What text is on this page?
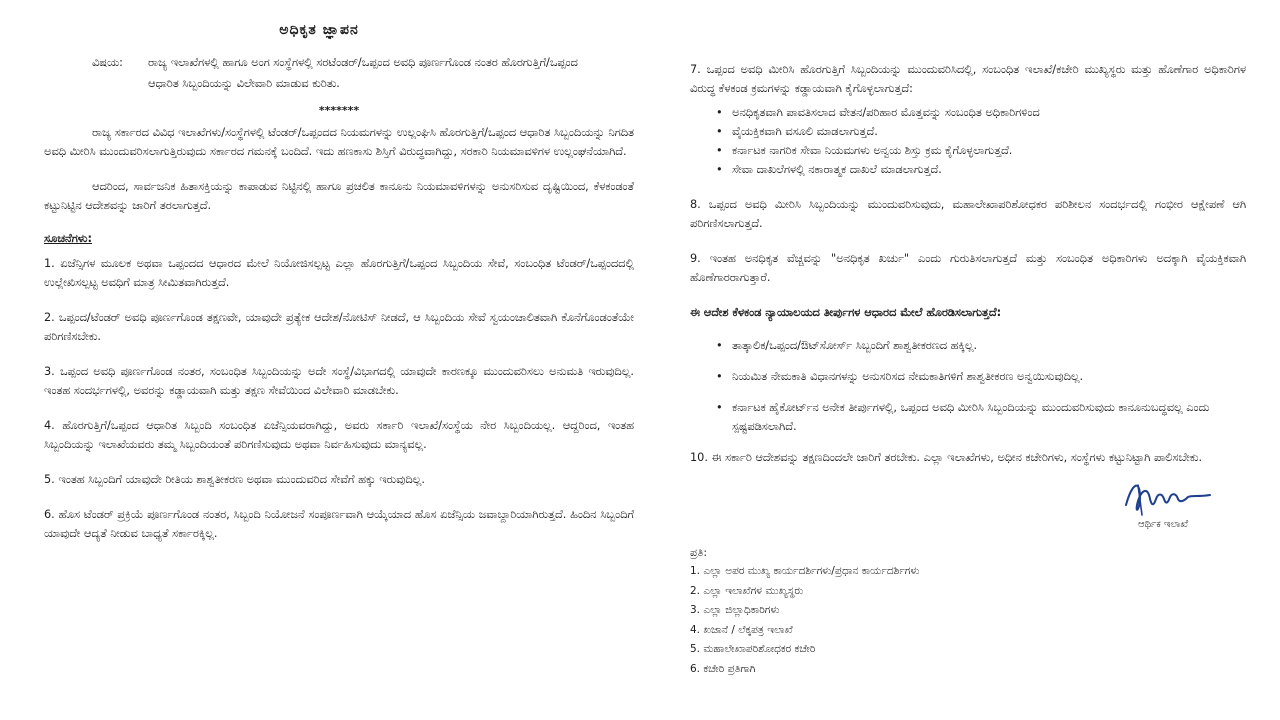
ಅಧಿಕೃತ ಜ್ಞಾಪನ
ವಿಷಯ:	ರಾಜ್ಯ ಇಲಾಖೆಗಳಲ್ಲಿ ಹಾಗೂ ಅಂಗ ಸಂಸ್ಥೆಗಳಲ್ಲಿ ಸರಟೆಂಡರ್/ಒಪ್ಪಂದ ಅವಧಿ ಪೂರ್ಣಗೊಂಡ ನಂತರ ಹೊರಗುತ್ತಿಗೆ/ಒಪ್ಪಂದ ಆಧಾರಿತ ಸಿಬ್ಬಂದಿಯನ್ನು ವಿಲೇವಾರಿ ಮಾಡುವ ಕುರಿತು.
*******

ರಾಜ್ಯ ಸರ್ಕಾರದ ವಿವಿಧ ಇಲಾಖೆಗಳು/ಸಂಸ್ಥೆಗಳಲ್ಲಿ ಟೆಂಡರ್/ಒಪ್ಪಂದದ ನಿಯಮಗಳನ್ನು ಉಲ್ಲಂಘಿಸಿ ಹೊರಗುತ್ತಿಗೆ/ಒಪ್ಪಂದ ಆಧಾರಿತ ಸಿಬ್ಬಂದಿಯನ್ನು ನಿಗದಿತ ಅವಧಿ ಮೀರಿಸಿ ಮುಂದುವರಿಸಲಾಗುತ್ತಿರುವುದು ಸರ್ಕಾರದ ಗಮನಕ್ಕೆ ಬಂದಿದೆ. ಇದು ಹಣಕಾಸು ಶಿಸ್ತಿಗೆ ವಿರುದ್ಧವಾಗಿದ್ದು, ಸರಕಾರಿ ನಿಯಮಾವಳಿಗಳ ಉಲ್ಲಂಘನೆಯಾಗಿದೆ.

ಆದರಿಂದ, ಸಾರ್ವಜನಿಕ ಹಿತಾಸಕ್ತಿಯನ್ನು ಕಾಪಾಡುವ ನಿಟ್ಟಿನಲ್ಲಿ ಹಾಗೂ ಪ್ರಚಲಿತ ಕಾನೂನು ನಿಯಮಾವಳಿಗಳನ್ನು ಅನುಸರಿಸುವ ದೃಷ್ಟಿಯಿಂದ, ಕೆಳಕಂಡಂತೆ ಕಟ್ಟುನಿಟ್ಟಿನ ಆದೇಶವನ್ನು ಜಾರಿಗೆ ತರಲಾಗುತ್ತದೆ.

ಸೂಚನೆಗಳು:

1. ಏಜೆನ್ಸಿಗಳ ಮೂಲಕ ಅಥವಾ ಒಪ್ಪಂದದ ಆಧಾರದ ಮೇಲೆ ನಿಯೋಜಿಸಲ್ಪಟ್ಟ ಎಲ್ಲಾ ಹೊರಗುತ್ತಿಗೆ/ಒಪ್ಪಂದ ಸಿಬ್ಬಂದಿಯ ಸೇವೆ, ಸಂಬಂಧಿತ ಟೆಂಡರ್/ಒಪ್ಪಂದದಲ್ಲಿ ಉಲ್ಲೇಖಿಸಲ್ಪಟ್ಟ ಅವಧಿಗೆ ಮಾತ್ರ ಸೀಮಿತವಾಗಿರುತ್ತದೆ.

2. ಒಪ್ಪಂದ/ಟೆಂಡರ್ ಅವಧಿ ಪೂರ್ಣಗೊಂಡ ತಕ್ಷಣವೇ, ಯಾವುದೇ ಪ್ರತ್ಯೇಕ ಆದೇಶ/ನೋಟಿಸ್ ನೀಡದೆ, ಆ ಸಿಬ್ಬಂದಿಯ ಸೇವೆ ಸ್ವಯಂಚಾಲಿತವಾಗಿ ಕೊನೆಗೊಂಡಂತೆಯೇ ಪರಿಗಣಿಸಬೇಕು.

3. ಒಪ್ಪಂದ ಅವಧಿ ಪೂರ್ಣಗೊಂಡ ನಂತರ, ಸಂಬಂಧಿತ ಸಿಬ್ಬಂದಿಯನ್ನು ಅದೇ ಸಂಸ್ಥೆ/ವಿಭಾಗದಲ್ಲಿ ಯಾವುದೇ ಕಾರಣಕ್ಕೂ ಮುಂದುವರಿಸಲು ಅನುಮತಿ ಇರುವುದಿಲ್ಲ. ಇಂತಹ ಸಂದರ್ಭಗಳಲ್ಲಿ, ಅವರನ್ನು ಕಡ್ಡಾಯವಾಗಿ ಮತ್ತು ತಕ್ಷಣ ಸೇವೆಯಿಂದ ವಿಲೇವಾರಿ ಮಾಡಬೇಕು.

4. ಹೊರಗುತ್ತಿಗೆ/ಒಪ್ಪಂದ ಆಧಾರಿತ ಸಿಬ್ಬಂದಿ ಸಂಬಂಧಿತ ಏಜೆನ್ಸಿಯವರಾಗಿದ್ದು, ಅವರು ಸರ್ಕಾರಿ ಇಲಾಖೆ/ಸಂಸ್ಥೆಯ ನೇರ ಸಿಬ್ಬಂದಿಯಲ್ಲ. ಆದ್ದರಿಂದ, ಇಂತಹ ಸಿಬ್ಬಂದಿಯನ್ನು ಇಲಾಖೆಯವರು ತಮ್ಮ ಸಿಬ್ಬಂದಿಯಂತೆ ಪರಿಗಣಿಸುವುದು ಅಥವಾ ನಿರ್ವಹಿಸುವುದು ಮಾನ್ಯವಲ್ಲ.

5. ಇಂತಹ ಸಿಬ್ಬಂದಿಗೆ ಯಾವುದೇ ರೀತಿಯ ಶಾಶ್ವತೀಕರಣ ಅಥವಾ ಮುಂದುವರಿದ ಸೇವೆಗೆ ಹಕ್ಕು ಇರುವುದಿಲ್ಲ.

6. ಹೊಸ ಟೆಂಡರ್ ಪ್ರಕ್ರಿಯೆ ಪೂರ್ಣಗೊಂಡ ನಂತರ, ಸಿಬ್ಬಂದಿ ನಿಯೋಜನೆ ಸಂಪೂರ್ಣವಾಗಿ ಆಯ್ಕೆಯಾದ ಹೊಸ ಏಜೆನ್ಸಿಯ ಜವಾಬ್ದಾರಿಯಾಗಿರುತ್ತದೆ. ಹಿಂದಿನ ಸಿಬ್ಬಂದಿಗೆ ಯಾವುದೇ ಆದ್ಯತೆ ನೀಡುವ ಬಾಧ್ಯತೆ ಸರ್ಕಾರಕ್ಕಿಲ್ಲ.

7. ಒಪ್ಪಂದ ಅವಧಿ ಮೀರಿಸಿ ಹೊರಗುತ್ತಿಗೆ ಸಿಬ್ಬಂದಿಯನ್ನು ಮುಂದುವರಿಸಿದಲ್ಲಿ, ಸಂಬಂಧಿತ ಇಲಾಖೆ/ಕಚೇರಿ ಮುಖ್ಯಸ್ಥರು ಮತ್ತು ಹೊಣೆಗಾರ ಅಧಿಕಾರಿಗಳ ವಿರುದ್ಧ ಕೆಳಕಂಡ ಕ್ರಮಗಳನ್ನು ಕಡ್ಡಾಯವಾಗಿ ಕೈಗೊಳ್ಳಲಾಗುತ್ತದೆ:

• ಅನಧಿಕೃತವಾಗಿ ಪಾವತಿಸಲಾದ ವೇತನ/ಪರಿಹಾರ ಮೊತ್ತವನ್ನು ಸಂಬಂಧಿತ ಅಧಿಕಾರಿಗಳಿಂದ
• ವೈಯಕ್ತಿಕವಾಗಿ ವಸೂಲಿ ಮಾಡಲಾಗುತ್ತದೆ.
• ಕರ್ನಾಟಕ ನಾಗರಿಕ ಸೇವಾ ನಿಯಮಗಳು ಅನ್ವಯ ಶಿಸ್ತು ಕ್ರಮ ಕೈಗೊಳ್ಳಲಾಗುತ್ತದೆ.
• ಸೇವಾ ದಾಖಲೆಗಳಲ್ಲಿ ನಕಾರಾತ್ಮಕ ದಾಖಲೆ ಮಾಡಲಾಗುತ್ತದೆ.

8. ಒಪ್ಪಂದ ಅವಧಿ ಮೀರಿಸಿ ಸಿಬ್ಬಂದಿಯನ್ನು ಮುಂದುವರಿಸುವುದು, ಮಹಾಲೇಖಾಪರಿಶೋಧಕರ ಪರಿಶೀಲನ ಸಂದರ್ಭದಲ್ಲಿ ಗಂಭೀರ ಆಕ್ಷೇಪಣೆ ಆಗಿ ಪರಿಗಣಿಸಲಾಗುತ್ತದೆ.

9. ಇಂತಹ ಅನಧಿಕೃತ ವೆಚ್ಚವನ್ನು "ಅನಧಿಕೃತ ಖರ್ಚು" ಎಂದು ಗುರುತಿಸಲಾಗುತ್ತದೆ ಮತ್ತು ಸಂಬಂಧಿತ ಅಧಿಕಾರಿಗಳು ಅದಕ್ಕಾಗಿ ವೈಯಕ್ತಿಕವಾಗಿ ಹೊಣೆಗಾರರಾಗುತ್ತಾರೆ.

ಈ ಆದೇಶ ಕೆಳಕಂಡ ನ್ಯಾಯಾಲಯದ ತೀರ್ಪುಗಳ ಆಧಾರದ ಮೇಲೆ ಹೊರಡಿಸಲಾಗುತ್ತದೆ:
• ತಾತ್ಕಾಲಿಕ/ಒಪ್ಪಂದ/ಔಟ್‌ಸೋರ್ಸ್ ಸಿಬ್ಬಂದಿಗೆ ಶಾಶ್ವತೀಕರಣದ ಹಕ್ಕಿಲ್ಲ.
• ನಿಯಮಿತ ನೇಮಕಾತಿ ವಿಧಾನಗಳನ್ನು ಅನುಸರಿಸದ ನೇಮಕಾತಿಗಳಿಗೆ ಶಾಶ್ವತೀಕರಣ ಅನ್ವಯಿಸುವುದಿಲ್ಲ.
• ಕರ್ನಾಟಕ ಹೈಕೋರ್ಟ್‌ನ ಅನೇಕ ತೀರ್ಪುಗಳಲ್ಲಿ, ಒಪ್ಪಂದ ಅವಧಿ ಮೀರಿಸಿ ಸಿಬ್ಬಂದಿಯನ್ನು ಮುಂದುವರಿಸುವುದು ಕಾನೂನುಬದ್ಧವಲ್ಲ ಎಂದು ಸ್ಪಷ್ಟಪಡಿಸಲಾಗಿದೆ.

10. ಈ ಸರ್ಕಾರಿ ಆದೇಶವನ್ನು ತಕ್ಷಣದಿಂದಲೇ ಜಾರಿಗೆ ತರಬೇಕು. ಎಲ್ಲಾ ಇಲಾಖೆಗಳು, ಅಧೀನ ಕಚೇರಿಗಳು, ಸಂಸ್ಥೆಗಳು ಕಟ್ಟುನಿಟ್ಟಾಗಿ ಪಾಲಿಸಬೇಕು.

ಆರ್ಥಿಕ ಇಲಾಖೆ
ಪ್ರತಿ:
1. ಎಲ್ಲಾ ಅಪರ ಮುಖ್ಯ ಕಾರ್ಯದರ್ಶಿಗಳು/ಪ್ರಧಾನ ಕಾರ್ಯದರ್ಶಿಗಳು
2. ಎಲ್ಲಾ ಇಲಾಖೆಗಳ ಮುಖ್ಯಸ್ಥರು
3. ಎಲ್ಲಾ ಜಿಲ್ಲಾಧಿಕಾರಿಗಳು
4. ಖಜಾನೆ / ಲೆಕ್ಕಪತ್ರ ಇಲಾಖೆ
5. ಮಹಾಲೇಖಾಪರಿಶೋಧಕರ ಕಚೇರಿ
6. ಕಚೇರಿ ಪ್ರತಿಗಾಗಿ
